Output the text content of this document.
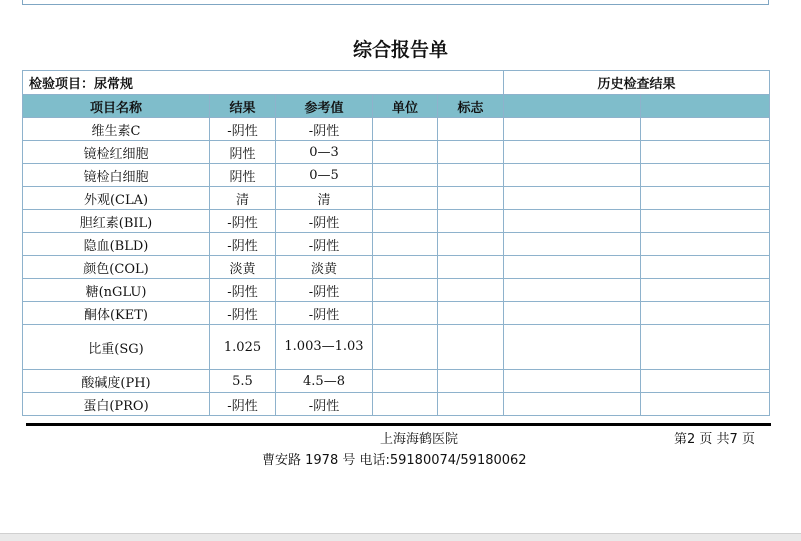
综合报告单
检验项目：尿常规					历史检查结果	
项目名称	结果	参考值	单位	标志		
维生素C	-阴性	-阴性				
镜检红细胞	阴性	0—3				
镜检白细胞	阴性	0—5				
外观(CLA)	清	清				
胆红素(BIL)	-阴性	-阴性				
隐血(BLD)	-阴性	-阴性				
颜色(COL)	淡黄	淡黄				
糖(nGLU)	-阴性	-阴性				
酮体(KET)	-阴性	-阴性				
比重(SG)	1.025	1.003—1.03				
酸碱度(PH)	5.5	4.5—8				
蛋白(PRO)	-阴性	-阴性				
上海海鹤医院	第2 页 共7 页
曹安路 1978 号 电话:59180074/59180062
